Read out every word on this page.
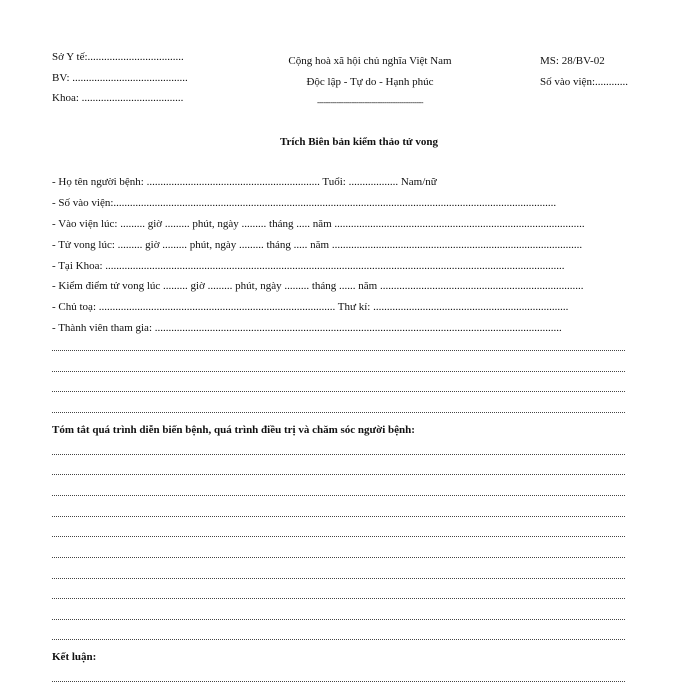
Sở Y tế:...................................
BV: ..........................................
Khoa: .....................................
Cộng hoà xã hội chủ nghĩa Việt Nam
Độc lập - Tự do - Hạnh phúc
-------------------------------------------------
MS: 28/BV-02
Số vào viện:............
Trích Biên bản kiểm thảo tử vong
- Họ tên người bệnh: ............................................................... Tuổi: .................. Nam/nữ
- Số vào viện:.................................................................................................................................................................
- Vào viện lúc: ......... giờ ......... phút, ngày ......... tháng ..... năm ...........................................................................................
- Tử vong lúc: ......... giờ ......... phút, ngày ......... tháng ..... năm ...........................................................................................
- Tại Khoa: .......................................................................................................................................................................
- Kiểm điểm tử vong lúc ......... giờ ......... phút, ngày ......... tháng ...... năm ..........................................................................
- Chủ toạ: ...................................................................................... Thư kí: .......................................................................
- Thành viên tham gia: ....................................................................................................................................................
Tóm tắt quá trình diễn biến bệnh, quá trình điều trị và chăm sóc người bệnh:
Kết luận:
